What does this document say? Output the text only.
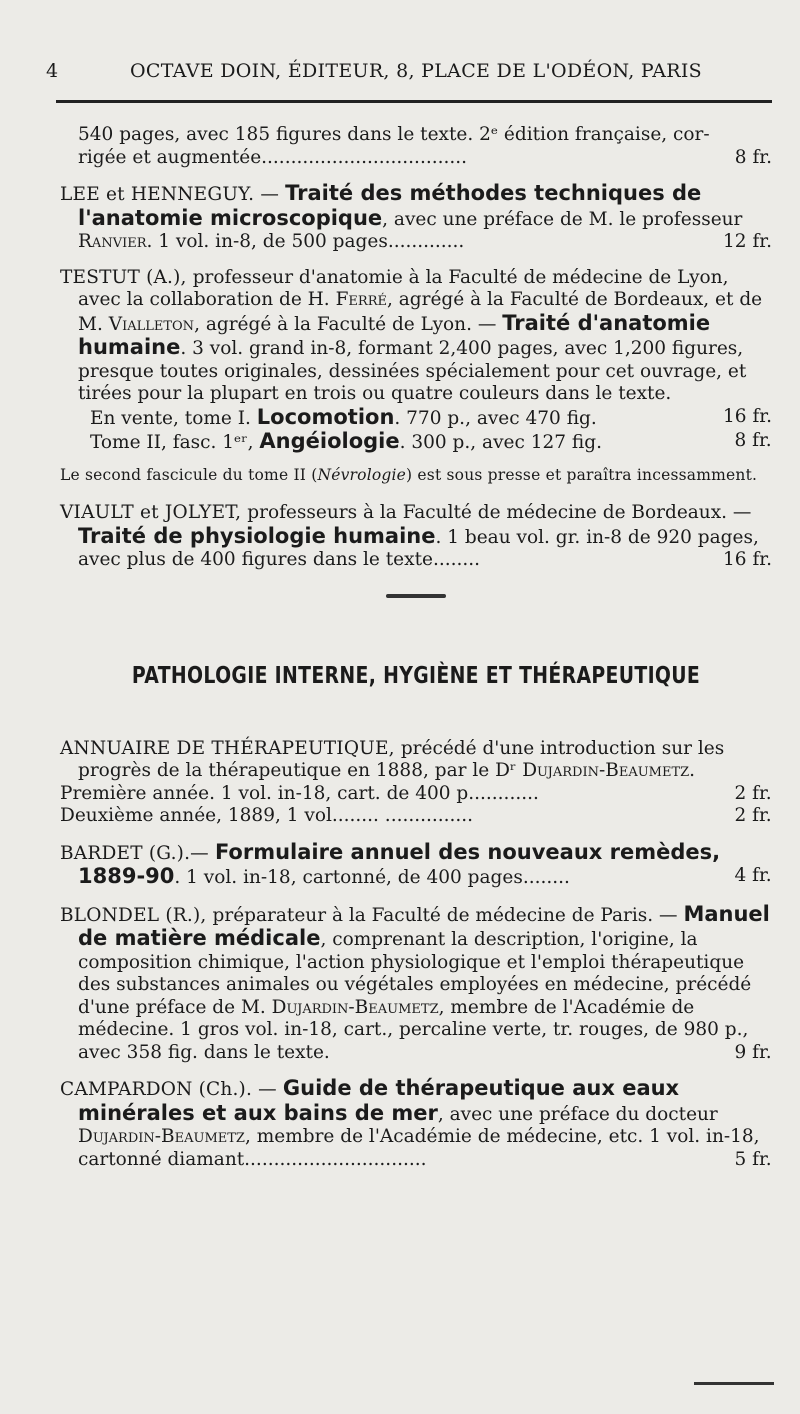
4	OCTAVE DOIN, ÉDITEUR, 8, PLACE DE L'ODÉON, PARIS
540 pages, avec 185 figures dans le texte. 2ᵉ édition française, cor-
rigée et augmentée...................................	8 fr.
LEE et HENNEGUY. — Traité des méthodes techniques de l'anatomie microscopique, avec une préface de M. le professeur Ranvier. 1 vol. in-8, de 500 pages.............	12 fr.
TESTUT (A.), professeur d'anatomie à la Faculté de médecine de Lyon, avec la collaboration de H. Ferré, agrégé à la Faculté de Bordeaux, et de M. Vialleton, agrégé à la Faculté de Lyon. — Traité d'anatomie humaine. 3 vol. grand in-8, formant 2,400 pages, avec 1,200 figures, presque toutes originales, dessinées spécialement pour cet ouvrage, et tirées pour la plupart en trois ou quatre couleurs dans le texte.
En vente, tome I. Locomotion. 770 p., avec 470 fig.	16 fr.
Tome II, fasc. 1ᵉʳ, Angéiologie. 300 p., avec 127 fig.	8 fr.
Le second fascicule du tome II (Névrologie) est sous presse et paraîtra incessamment.
VIAULT et JOLYET, professeurs à la Faculté de médecine de Bordeaux. — Traité de physiologie humaine. 1 beau vol. gr. in-8 de 920 pages, avec plus de 400 figures dans le texte........	16 fr.
PATHOLOGIE INTERNE, HYGIÈNE ET THÉRAPEUTIQUE
ANNUAIRE DE THÉRAPEUTIQUE, précédé d'une introduction sur les progrès de la thérapeutique en 1888, par le Dʳ Dujardin-Beaumetz.
Première année. 1 vol. in-18, cart. de 400 p............	2 fr.
Deuxième année, 1889, 1 vol........ ...............	2 fr.
BARDET (G.).— Formulaire annuel des nouveaux remèdes, 1889-90. 1 vol. in-18, cartonné, de 400 pages........	4 fr.
BLONDEL (R.), préparateur à la Faculté de médecine de Paris. — Manuel de matière médicale, comprenant la description, l'origine, la composition chimique, l'action physiologique et l'emploi thérapeutique des substances animales ou végétales employées en médecine, précédé d'une préface de M. Dujardin-Beaumetz, membre de l'Académie de médecine. 1 gros vol. in-18, cart., percaline verte, tr. rouges, de 980 p., avec 358 fig. dans le texte.	9 fr.
CAMPARDON (Ch.). — Guide de thérapeutique aux eaux minérales et aux bains de mer, avec une préface du docteur Dujardin-Beaumetz, membre de l'Académie de médecine, etc. 1 vol. in-18, cartonné diamant...............................	5 fr.
